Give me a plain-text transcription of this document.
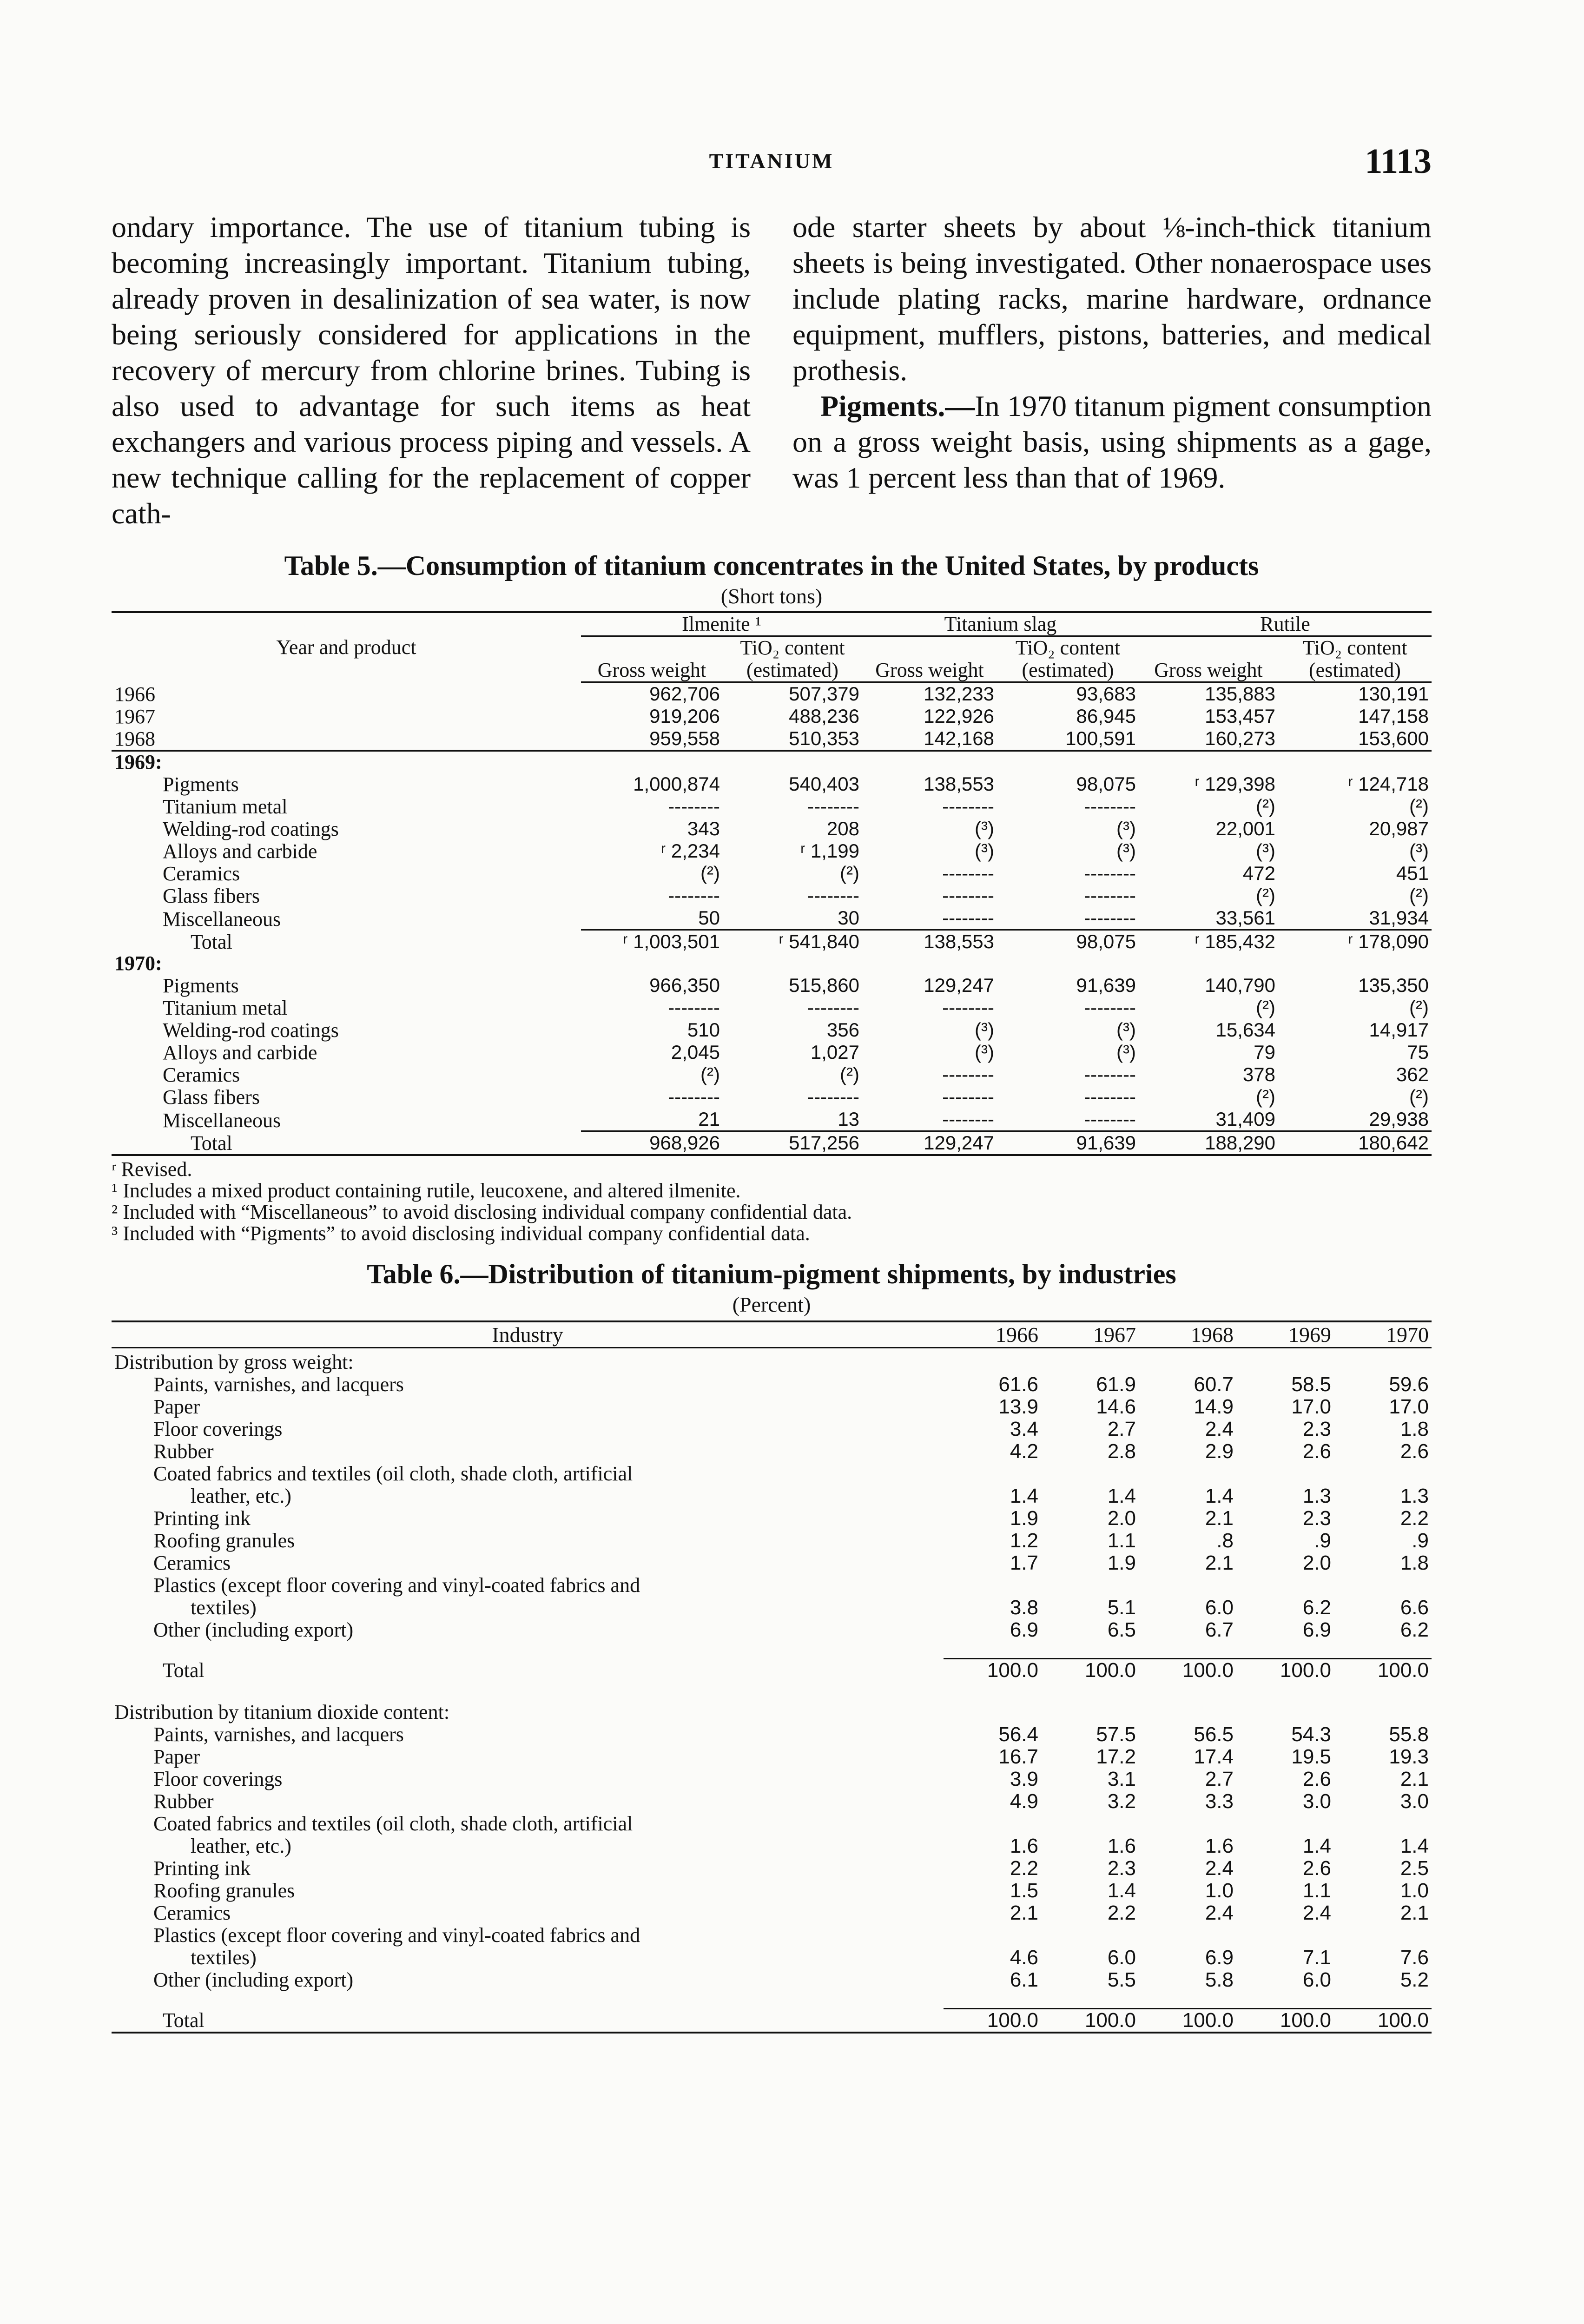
TITANIUM	1113

ondary importance. The use of titanium tubing is becoming increasingly important. Titanium tubing, already proven in desalinization of sea water, is now being seriously considered for applications in the recovery of mercury from chlorine brines. Tubing is also used to advantage for such items as heat exchangers and various process piping and vessels. A new technique calling for the replacement of copper cath-

ode starter sheets by about ⅛-inch-thick titanium sheets is being investigated. Other nonaerospace uses include plating racks, marine hardware, ordnance equipment, mufflers, pistons, batteries, and medical prothesis.

Pigments.—In 1970 titanum pigment consumption on a gross weight basis, using shipments as a gage, was 1 percent less than that of 1969.

Table 5.—Consumption of titanium concentrates in the United States, by products
(Short tons)
Year and product	Ilmenite ¹		Titanium slag		Rutile	
	Gross weight	TiO₂ content (estimated)	Gross weight	TiO₂ content (estimated)	Gross weight	TiO₂ content (estimated)
1966	962,706	507,379	132,233	93,683	135,883	130,191
1967	919,206	488,236	122,926	86,945	153,457	147,158
1968	959,558	510,353	142,168	100,591	160,273	153,600
1969:						
Pigments	1,000,874	540,403	138,553	98,075	ʳ 129,398	ʳ 124,718
Titanium metal	--------	--------	--------	--------	(²)	(²)
Welding-rod coatings	343	208	(³)	(³)	22,001	20,987
Alloys and carbide	ʳ 2,234	ʳ 1,199	(³)	(³)	(³)	(³)
Ceramics	(²)	(²)	--------	--------	472	451
Glass fibers	--------	--------	--------	--------	(²)	(²)
Miscellaneous	50	30	--------	--------	33,561	31,934
Total	ʳ 1,003,501	ʳ 541,840	138,553	98,075	ʳ 185,432	ʳ 178,090
1970:						
Pigments	966,350	515,860	129,247	91,639	140,790	135,350
Titanium metal	--------	--------	--------	--------	(²)	(²)
Welding-rod coatings	510	356	(³)	(³)	15,634	14,917
Alloys and carbide	2,045	1,027	(³)	(³)	79	75
Ceramics	(²)	(²)	--------	--------	378	362
Glass fibers	--------	--------	--------	--------	(²)	(²)
Miscellaneous	21	13	--------	--------	31,409	29,938
Total	968,926	517,256	129,247	91,639	188,290	180,642
ʳ Revised.
¹ Includes a mixed product containing rutile, leucoxene, and altered ilmenite.
² Included with “Miscellaneous” to avoid disclosing individual company confidential data.
³ Included with “Pigments” to avoid disclosing individual company confidential data.
Table 6.—Distribution of titanium-pigment shipments, by industries
(Percent)
Industry	1966	1967	1968	1969	1970
Distribution by gross weight:					
Paints, varnishes, and lacquers	61.6	61.9	60.7	58.5	59.6
Paper	13.9	14.6	14.9	17.0	17.0
Floor coverings	3.4	2.7	2.4	2.3	1.8
Rubber	4.2	2.8	2.9	2.6	2.6
Coated fabrics and textiles (oil cloth, shade cloth, artificial					
leather, etc.)	1.4	1.4	1.4	1.3	1.3
Printing ink	1.9	2.0	2.1	2.3	2.2
Roofing granules	1.2	1.1	.8	.9	.9
Ceramics	1.7	1.9	2.1	2.0	1.8
Plastics (except floor covering and vinyl-coated fabrics and					
textiles)	3.8	5.1	6.0	6.2	6.6
Other (including export)	6.9	6.5	6.7	6.9	6.2

Total	100.0	100.0	100.0	100.0	100.0

Distribution by titanium dioxide content:					
Paints, varnishes, and lacquers	56.4	57.5	56.5	54.3	55.8
Paper	16.7	17.2	17.4	19.5	19.3
Floor coverings	3.9	3.1	2.7	2.6	2.1
Rubber	4.9	3.2	3.3	3.0	3.0
Coated fabrics and textiles (oil cloth, shade cloth, artificial					
leather, etc.)	1.6	1.6	1.6	1.4	1.4
Printing ink	2.2	2.3	2.4	2.6	2.5
Roofing granules	1.5	1.4	1.0	1.1	1.0
Ceramics	2.1	2.2	2.4	2.4	2.1
Plastics (except floor covering and vinyl-coated fabrics and					
textiles)	4.6	6.0	6.9	7.1	7.6
Other (including export)	6.1	5.5	5.8	6.0	5.2

Total	100.0	100.0	100.0	100.0	100.0
